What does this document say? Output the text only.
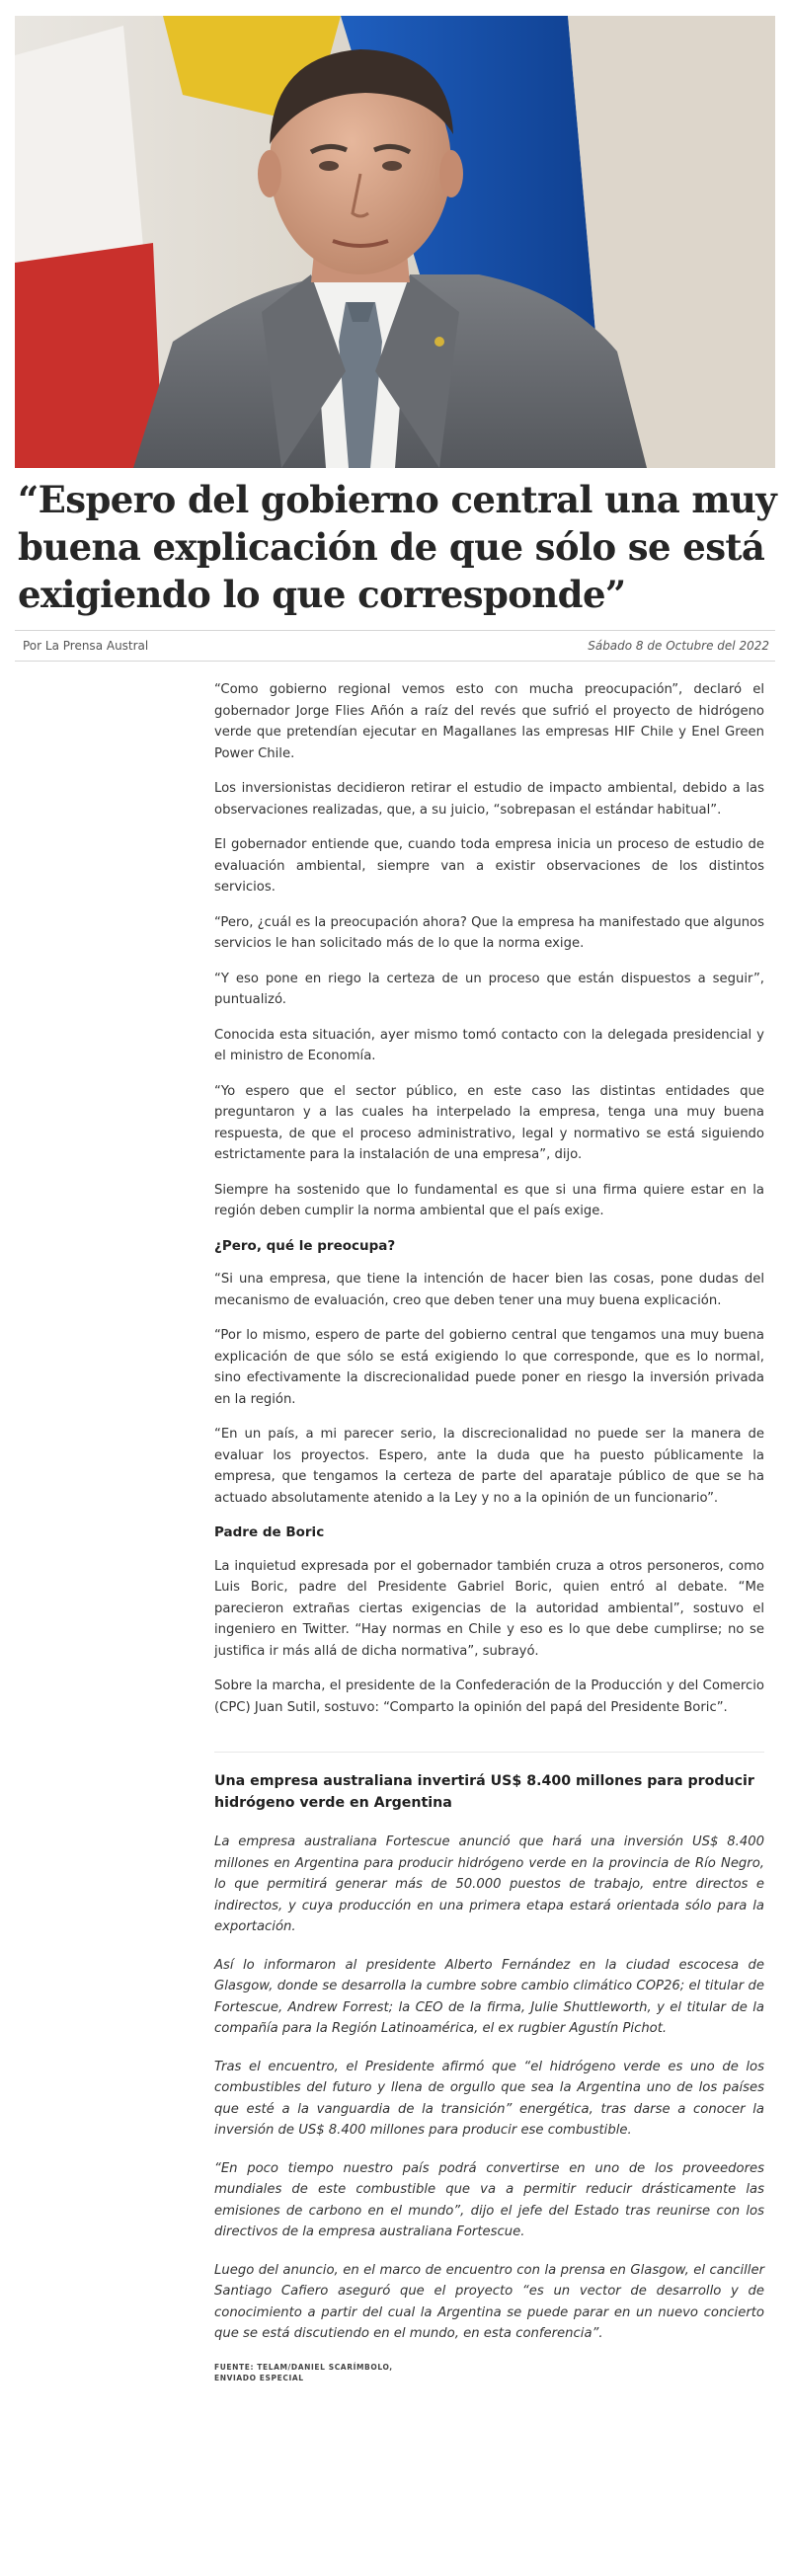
“Espero del gobierno central una muy buena explicación de que sólo se está exigiendo lo que corresponde”
Por La Prensa Austral	Sábado 8 de Octubre del 2022

“Como gobierno regional vemos esto con mucha preocupación”, declaró el gobernador Jorge Flies Añón a raíz del revés que sufrió el proyecto de hidrógeno verde que pretendían ejecutar en Magallanes las empresas HIF Chile y Enel Green Power Chile.

Los inversionistas decidieron retirar el estudio de impacto ambiental, debido a las observaciones realizadas, que, a su juicio, “sobrepasan el estándar habitual”.

El gobernador entiende que, cuando toda empresa inicia un proceso de estudio de evaluación ambiental, siempre van a existir observaciones de los distintos servicios.

“Pero, ¿cuál es la preocupación ahora? Que la empresa ha manifestado que algunos servicios le han solicitado más de lo que la norma exige.

“Y eso pone en riego la certeza de un proceso que están dispuestos a seguir”, puntualizó.

Conocida esta situación, ayer mismo tomó contacto con la delegada presidencial y el ministro de Economía.

“Yo espero que el sector público, en este caso las distintas entidades que preguntaron y a las cuales ha interpelado la empresa, tenga una muy buena respuesta, de que el proceso administrativo, legal y normativo se está siguiendo estrictamente para la instalación de una empresa”, dijo.

Siempre ha sostenido que lo fundamental es que si una firma quiere estar en la región deben cumplir la norma ambiental que el país exige.

¿Pero, qué le preocupa?

“Si una empresa, que tiene la intención de hacer bien las cosas, pone dudas del mecanismo de evaluación, creo que deben tener una muy buena explicación.

“Por lo mismo, espero de parte del gobierno central que tengamos una muy buena explicación de que sólo se está exigiendo lo que corresponde, que es lo normal, sino efectivamente la discrecionalidad puede poner en riesgo la inversión privada en la región.

“En un país, a mi parecer serio, la discrecionalidad no puede ser la manera de evaluar los proyectos. Espero, ante la duda que ha puesto públicamente la empresa, que tengamos la certeza de parte del aparataje público de que se ha actuado absolutamente atenido a la Ley y no a la opinión de un funcionario”.

Padre de Boric

La inquietud expresada por el gobernador también cruza a otros personeros, como Luis Boric, padre del Presidente Gabriel Boric, quien entró al debate. “Me parecieron extrañas ciertas exigencias de la autoridad ambiental”, sostuvo el ingeniero en Twitter. “Hay normas en Chile y eso es lo que debe cumplirse; no se justifica ir más allá de dicha normativa”, subrayó.

Sobre la marcha, el presidente de la Confederación de la Producción y del Comercio (CPC) Juan Sutil, sostuvo: “Comparto la opinión del papá del Presidente Boric”.

Una empresa australiana invertirá US$ 8.400 millones para producir hidrógeno verde en Argentina

La empresa australiana Fortescue anunció que hará una inversión US$ 8.400 millones en Argentina para producir hidrógeno verde en la provincia de Río Negro, lo que permitirá generar más de 50.000 puestos de trabajo, entre directos e indirectos, y cuya producción en una primera etapa estará orientada sólo para la exportación.

Así lo informaron al presidente Alberto Fernández en la ciudad escocesa de Glasgow, donde se desarrolla la cumbre sobre cambio climático COP26; el titular de Fortescue, Andrew Forrest; la CEO de la firma, Julie Shuttleworth, y el titular de la compañía para la Región Latinoamérica, el ex rugbier Agustín Pichot.

Tras el encuentro, el Presidente afirmó que “el hidrógeno verde es uno de los combustibles del futuro y llena de orgullo que sea la Argentina uno de los países que esté a la vanguardia de la transición” energética, tras darse a conocer la inversión de US$ 8.400 millones para producir ese combustible.

“En poco tiempo nuestro país podrá convertirse en uno de los proveedores mundiales de este combustible que va a permitir reducir drásticamente las emisiones de carbono en el mundo”, dijo el jefe del Estado tras reunirse con los directivos de la empresa australiana Fortescue.

Luego del anuncio, en el marco de encuentro con la prensa en Glasgow, el canciller Santiago Cafiero aseguró que el proyecto “es un vector de desarrollo y de conocimiento a partir del cual la Argentina se puede parar en un nuevo concierto que se está discutiendo en el mundo, en esta conferencia”.

FUENTE: TELAM/DANIEL SCARÍMBOLO,
ENVIADO ESPECIAL
